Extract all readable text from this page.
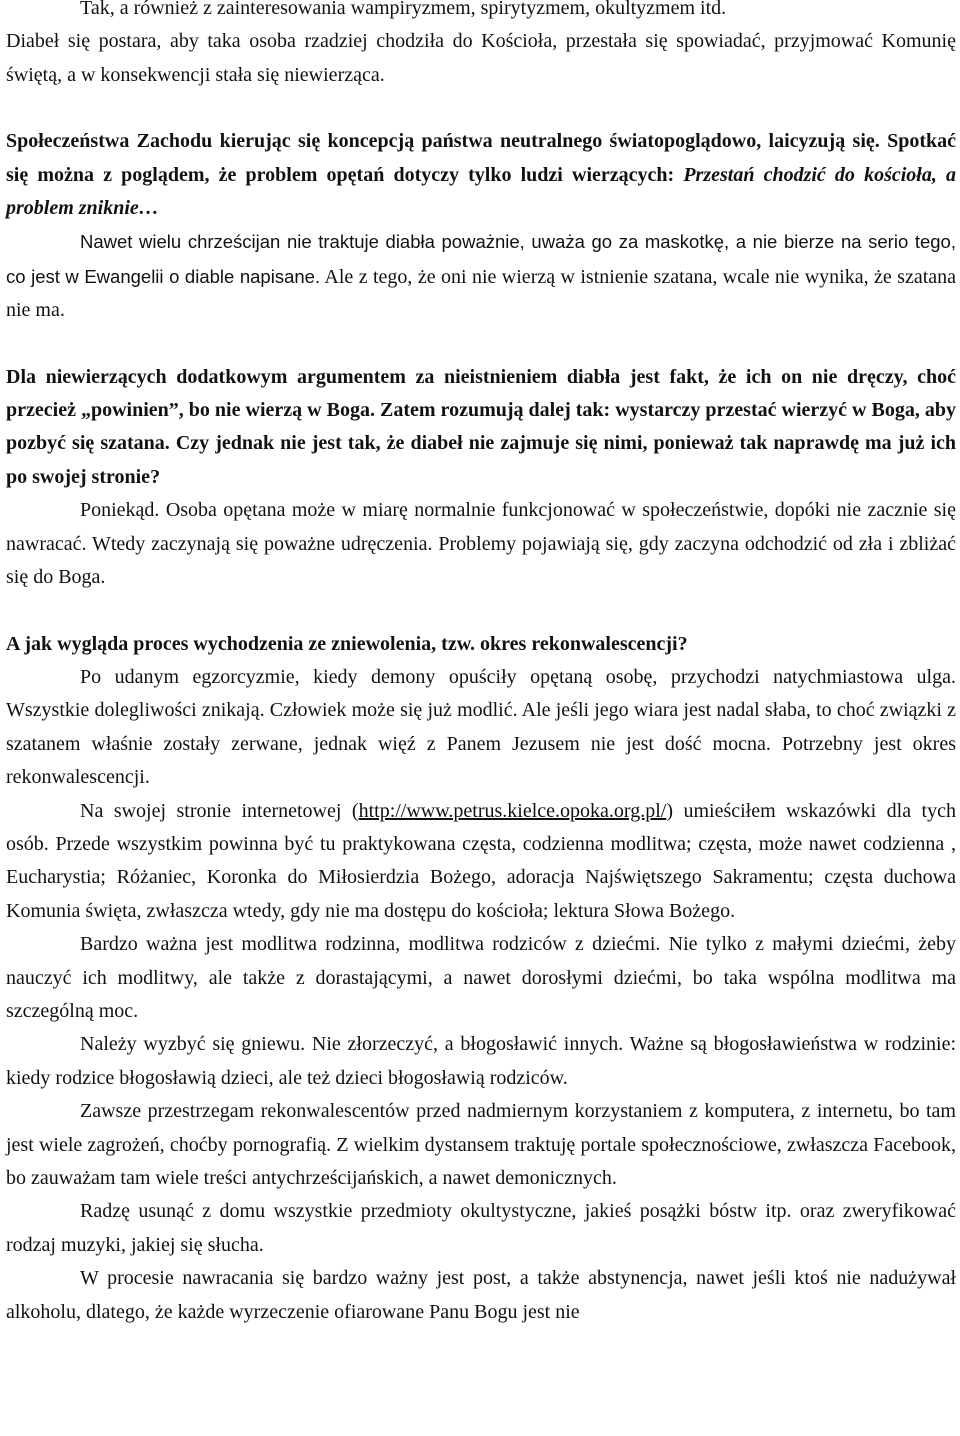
Tak, a również z zainteresowania wampiryzmem, spirytyzmem, okultyzmem itd.
Diabeł się postara, aby taka osoba rzadziej chodziła do Kościoła, przestała się spowiadać, przyjmować Komunię świętą, a w konsekwencji stała się niewierząca.

Społeczeństwa Zachodu kierując się koncepcją państwa neutralnego światopoglądowo, laicyzują się. Spotkać się można z poglądem, że problem opętań dotyczy tylko ludzi wierzących: Przestań chodzić do kościoła, a problem zniknie…

Nawet wielu chrześcijan nie traktuje diabła poważnie, uważa go za maskotkę, a nie bierze na serio tego, co jest w Ewangelii o diable napisane. Ale z tego, że oni nie wierzą w istnienie szatana, wcale nie wynika, że szatana nie ma.

Dla niewierzących dodatkowym argumentem za nieistnieniem diabła jest fakt, że ich on nie dręczy, choć przecież „powinien”, bo nie wierzą w Boga. Zatem rozumują dalej tak: wystarczy przestać wierzyć w Boga, aby pozbyć się szatana. Czy jednak nie jest tak, że diabeł nie zajmuje się nimi, ponieważ tak naprawdę ma już ich po swojej stronie?

Poniekąd. Osoba opętana może w miarę normalnie funkcjonować w społeczeństwie, dopóki nie zacznie się nawracać. Wtedy zaczynają się poważne udręczenia. Problemy pojawiają się, gdy zaczyna odchodzić od zła i zbliżać się do Boga.

A jak wygląda proces wychodzenia ze zniewolenia, tzw. okres rekonwalescencji?

Po udanym egzorcyzmie, kiedy demony opuściły opętaną osobę, przychodzi natychmiastowa ulga. Wszystkie dolegliwości znikają. Człowiek może się już modlić. Ale jeśli jego wiara jest nadal słaba, to choć związki z szatanem właśnie zostały zerwane, jednak więź z Panem Jezusem nie jest dość mocna. Potrzebny jest okres rekonwalescencji.

Na swojej stronie internetowej (http://www.petrus.kielce.opoka.org.pl/) umieściłem wskazówki dla tych osób. Przede wszystkim powinna być tu praktykowana częsta, codzienna modlitwa; częsta, może nawet codzienna , Eucharystia; Różaniec, Koronka do Miłosierdzia Bożego, adoracja Najświętszego Sakramentu; częsta duchowa Komunia święta, zwłaszcza wtedy, gdy nie ma dostępu do kościoła; lektura Słowa Bożego.

Bardzo ważna jest modlitwa rodzinna, modlitwa rodziców z dziećmi. Nie tylko z małymi dziećmi, żeby nauczyć ich modlitwy, ale także z dorastającymi, a nawet dorosłymi dziećmi, bo taka wspólna modlitwa ma szczególną moc.

Należy wyzbyć się gniewu. Nie złorzeczyć, a błogosławić innych. Ważne są błogosławieństwa w rodzinie: kiedy rodzice błogosławią dzieci, ale też dzieci błogosławią rodziców.

Zawsze przestrzegam rekonwalescentów przed nadmiernym korzystaniem z komputera, z internetu, bo tam jest wiele zagrożeń, choćby pornografią. Z wielkim dystansem traktuję portale społecznościowe, zwłaszcza Facebook, bo zauważam tam wiele treści antychrześcijańskich, a nawet demonicznych.

Radzę usunąć z domu wszystkie przedmioty okultystyczne, jakieś posążki bóstw itp. oraz zweryfikować rodzaj muzyki, jakiej się słucha.

W procesie nawracania się bardzo ważny jest post, a także abstynencja, nawet jeśli ktoś nie nadużywał alkoholu, dlatego, że każde wyrzeczenie ofiarowane Panu Bogu jest nie
